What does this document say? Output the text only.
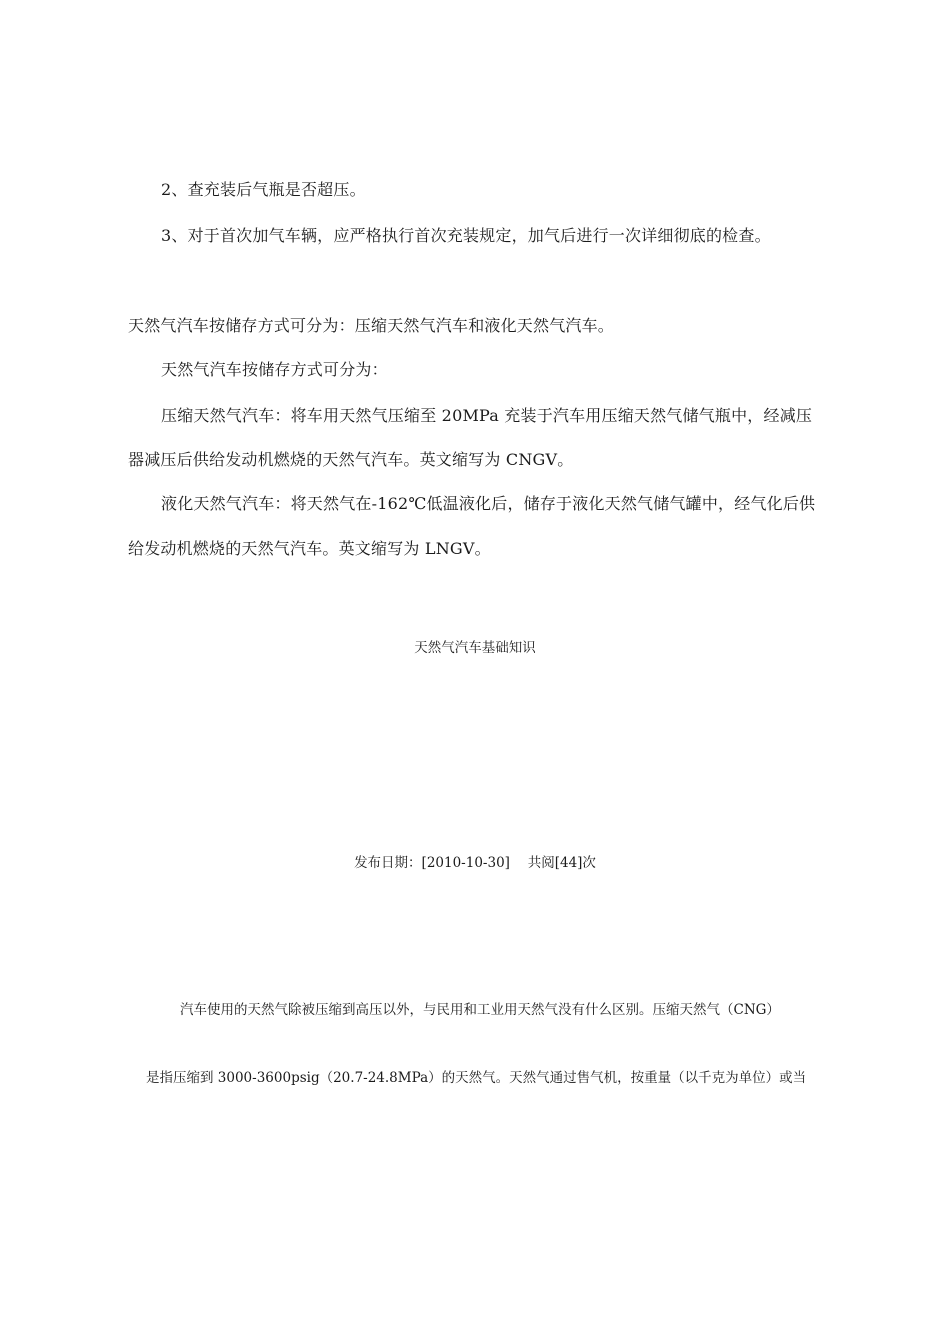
2、查充装后气瓶是否超压。
3、对于首次加气车辆，应严格执行首次充装规定，加气后进行一次详细彻底的检查。
天然气汽车按储存方式可分为：压缩天然气汽车和液化天然气汽车。
天然气汽车按储存方式可分为：
压缩天然气汽车：将车用天然气压缩至 20MPa 充装于汽车用压缩天然气储气瓶中，经减压
器减压后供给发动机燃烧的天然气汽车。英文缩写为 CNGV。
液化天然气汽车：将天然气在-162℃低温液化后，储存于液化天然气储气罐中，经气化后供
给发动机燃烧的天然气汽车。英文缩写为 LNGV。
天然气汽车基础知识
发布日期：[2010-10-30]　 共阅[44]次
汽车使用的天然气除被压缩到高压以外，与民用和工业用天然气没有什么区别。压缩天然气（CNG）
是指压缩到 3000-3600psig（20.7-24.8MPa）的天然气。天然气通过售气机，按重量（以千克为单位）或当
